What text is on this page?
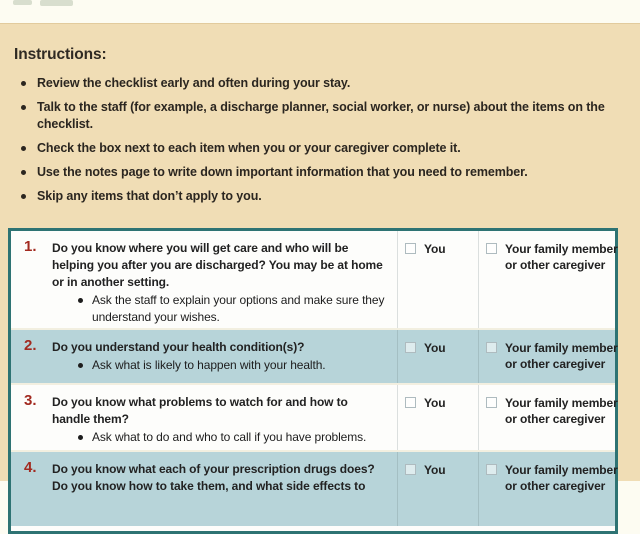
Instructions:
Review the checklist early and often during your stay.
Talk to the staff (for example, a discharge planner, social worker, or nurse) about the items on the checklist.
Check the box next to each item when you or your caregiver complete it.
Use the notes page to write down important information that you need to remember.
Skip any items that don’t apply to you.
1.	Do you know where you will get care and who will be helping you after you are discharged? You may be at home or in another setting.
Ask the staff to explain your options and make sure they understand your wishes.
You	Your family member or other caregiver
2.	Do you understand your health condition(s)?
Ask what is likely to happen with your health.
You	Your family member or other caregiver
3.	Do you know what problems to watch for and how to handle them?
Ask what to do and who to call if you have problems.
You	Your family member or other caregiver
4.	Do you know what each of your prescription drugs does? Do you know how to take them, and what side effects to
You	Your family member or other caregiver
